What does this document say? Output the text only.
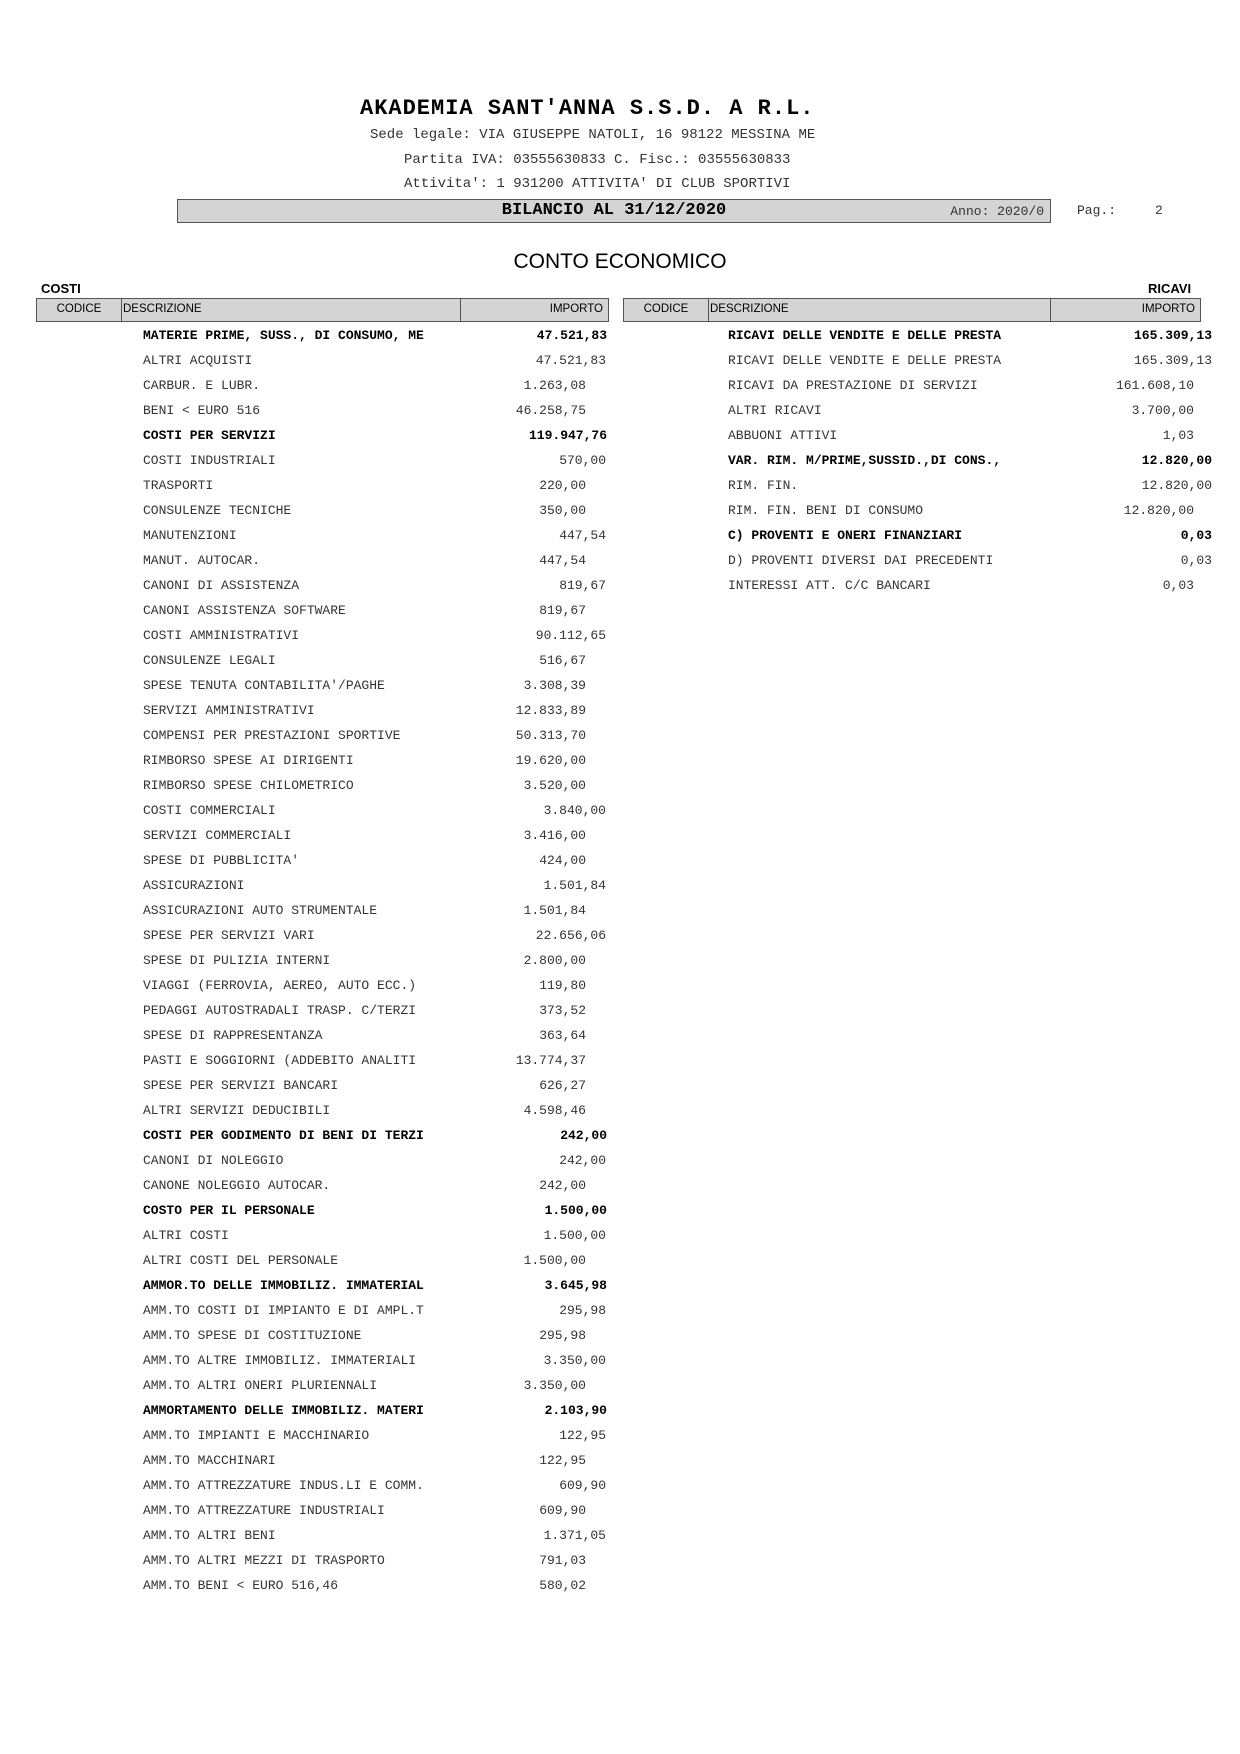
AKADEMIA SANT'ANNA S.S.D. A R.L.
Sede legale: VIA GIUSEPPE NATOLI, 16 98122 MESSINA ME
Partita IVA: 03555630833 C. Fisc.: 03555630833
Attivita': 1 931200 ATTIVITA' DI CLUB SPORTIVI
BILANCIO AL 31/12/2020	Anno: 2020/0	Pag.:	2
CONTO ECONOMICO
COSTI	RICAVI
CODICE	DESCRIZIONE	IMPORTO	CODICE	DESCRIZIONE	IMPORTO
MATERIE PRIME, SUSS., DI CONSUMO, ME	47.521,83
ALTRI ACQUISTI	47.521,83
CARBUR. E LUBR.	1.263,08
BENI < EURO 516	46.258,75
COSTI PER SERVIZI	119.947,76
COSTI INDUSTRIALI	570,00
TRASPORTI	220,00
CONSULENZE TECNICHE	350,00
MANUTENZIONI	447,54
MANUT. AUTOCAR.	447,54
CANONI DI ASSISTENZA	819,67
CANONI ASSISTENZA SOFTWARE	819,67
COSTI AMMINISTRATIVI	90.112,65
CONSULENZE LEGALI	516,67
SPESE TENUTA CONTABILITA'/PAGHE	3.308,39
SERVIZI AMMINISTRATIVI	12.833,89
COMPENSI PER PRESTAZIONI SPORTIVE	50.313,70
RIMBORSO SPESE AI DIRIGENTI	19.620,00
RIMBORSO SPESE CHILOMETRICO	3.520,00
COSTI COMMERCIALI	3.840,00
SERVIZI COMMERCIALI	3.416,00
SPESE DI PUBBLICITA'	424,00
ASSICURAZIONI	1.501,84
ASSICURAZIONI AUTO STRUMENTALE	1.501,84
SPESE PER SERVIZI VARI	22.656,06
SPESE DI PULIZIA INTERNI	2.800,00
VIAGGI (FERROVIA, AEREO, AUTO ECC.)	119,80
PEDAGGI AUTOSTRADALI TRASP. C/TERZI	373,52
SPESE DI RAPPRESENTANZA	363,64
PASTI E SOGGIORNI (ADDEBITO ANALITI	13.774,37
SPESE PER SERVIZI BANCARI	626,27
ALTRI SERVIZI DEDUCIBILI	4.598,46
COSTI PER GODIMENTO DI BENI DI TERZI	242,00
CANONI DI NOLEGGIO	242,00
CANONE NOLEGGIO AUTOCAR.	242,00
COSTO PER IL PERSONALE	1.500,00
ALTRI COSTI	1.500,00
ALTRI COSTI DEL PERSONALE	1.500,00
AMMOR.TO DELLE IMMOBILIZ. IMMATERIAL	3.645,98
AMM.TO COSTI DI IMPIANTO E DI AMPL.T	295,98
AMM.TO SPESE DI COSTITUZIONE	295,98
AMM.TO ALTRE IMMOBILIZ. IMMATERIALI	3.350,00
AMM.TO ALTRI ONERI PLURIENNALI	3.350,00
AMMORTAMENTO DELLE IMMOBILIZ. MATERI	2.103,90
AMM.TO IMPIANTI E MACCHINARIO	122,95
AMM.TO MACCHINARI	122,95
AMM.TO ATTREZZATURE INDUS.LI E COMM.	609,90
AMM.TO ATTREZZATURE INDUSTRIALI	609,90
AMM.TO ALTRI BENI	1.371,05
AMM.TO ALTRI MEZZI DI TRASPORTO	791,03
AMM.TO BENI < EURO 516,46	580,02
RICAVI DELLE VENDITE E DELLE PRESTA	165.309,13
RICAVI DELLE VENDITE E DELLE PRESTA	165.309,13
RICAVI DA PRESTAZIONE DI SERVIZI	161.608,10
ALTRI RICAVI	3.700,00
ABBUONI ATTIVI	1,03
VAR. RIM. M/PRIME,SUSSID.,DI CONS.,	12.820,00
RIM. FIN.	12.820,00
RIM. FIN. BENI DI CONSUMO	12.820,00
C) PROVENTI E ONERI FINANZIARI	0,03
D) PROVENTI DIVERSI DAI PRECEDENTI	0,03
INTERESSI ATT. C/C BANCARI	0,03
